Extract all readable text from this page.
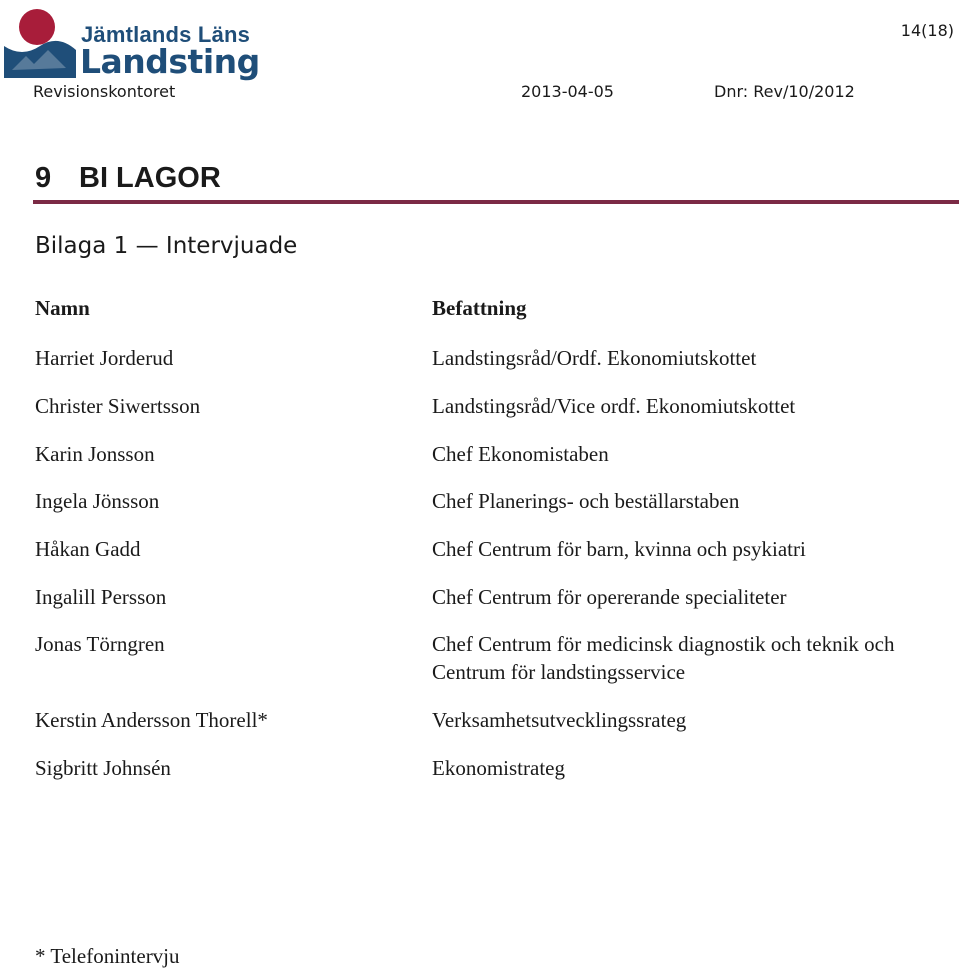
Jämtlands Läns
Landsting
14(18)
Revisionskontoret	2013-04-05	Dnr: Rev/10/2012
9 BI LAGOR
Bilaga 1 — Intervjuade
Namn	Befattning
Harriet Jorderud	Landstingsråd/Ordf. Ekonomiutskottet
Christer Siwertsson	Landstingsråd/Vice ordf. Ekonomiutskottet
Karin Jonsson	Chef Ekonomistaben
Ingela Jönsson	Chef Planerings- och beställarstaben
Håkan Gadd	Chef Centrum för barn, kvinna och psykiatri
Ingalill Persson	Chef Centrum för opererande specialiteter
Jonas Törngren	Chef Centrum för medicinsk diagnostik och teknik och Centrum för landstingsservice
Kerstin Andersson Thorell*	Verksamhetsutvecklingssrateg
Sigbritt Johnsén	Ekonomistrateg
* Telefonintervju
